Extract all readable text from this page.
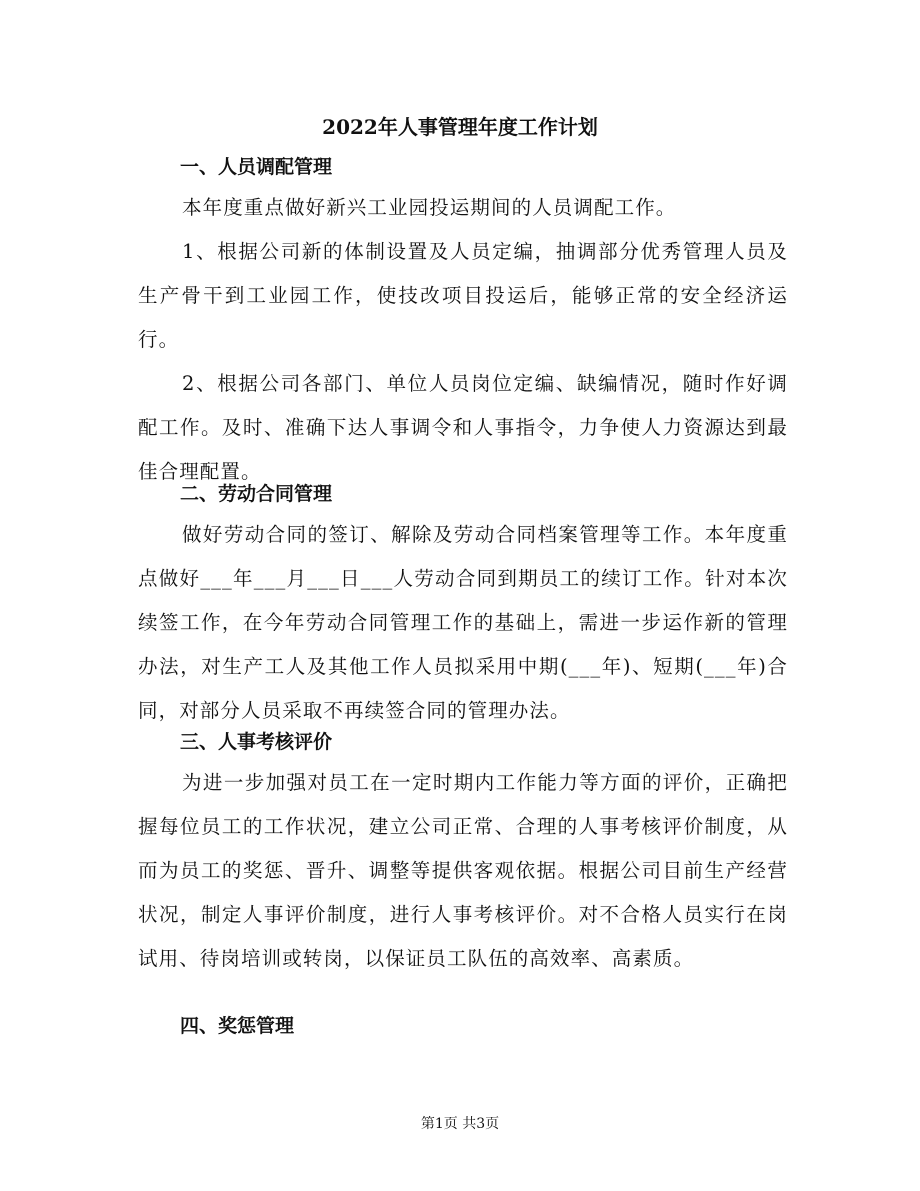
2022年人事管理年度工作计划
一、人员调配管理
本年度重点做好新兴工业园投运期间的人员调配工作。
1、根据公司新的体制设置及人员定编，抽调部分优秀管理人员及生产骨干到工业园工作，使技改项目投运后，能够正常的安全经济运行。
2、根据公司各部门、单位人员岗位定编、缺编情况，随时作好调配工作。及时、准确下达人事调令和人事指令，力争使人力资源达到最佳合理配置。
二、劳动合同管理
做好劳动合同的签订、解除及劳动合同档案管理等工作。本年度重点做好___年___月___日___人劳动合同到期员工的续订工作。针对本次续签工作，在今年劳动合同管理工作的基础上，需进一步运作新的管理办法，对生产工人及其他工作人员拟采用中期(___年)、短期(___年)合同，对部分人员采取不再续签合同的管理办法。
三、人事考核评价
为进一步加强对员工在一定时期内工作能力等方面的评价，正确把握每位员工的工作状况，建立公司正常、合理的人事考核评价制度，从而为员工的奖惩、晋升、调整等提供客观依据。根据公司目前生产经营状况，制定人事评价制度，进行人事考核评价。对不合格人员实行在岗试用、待岗培训或转岗，以保证员工队伍的高效率、高素质。
四、奖惩管理
第1页 共3页
